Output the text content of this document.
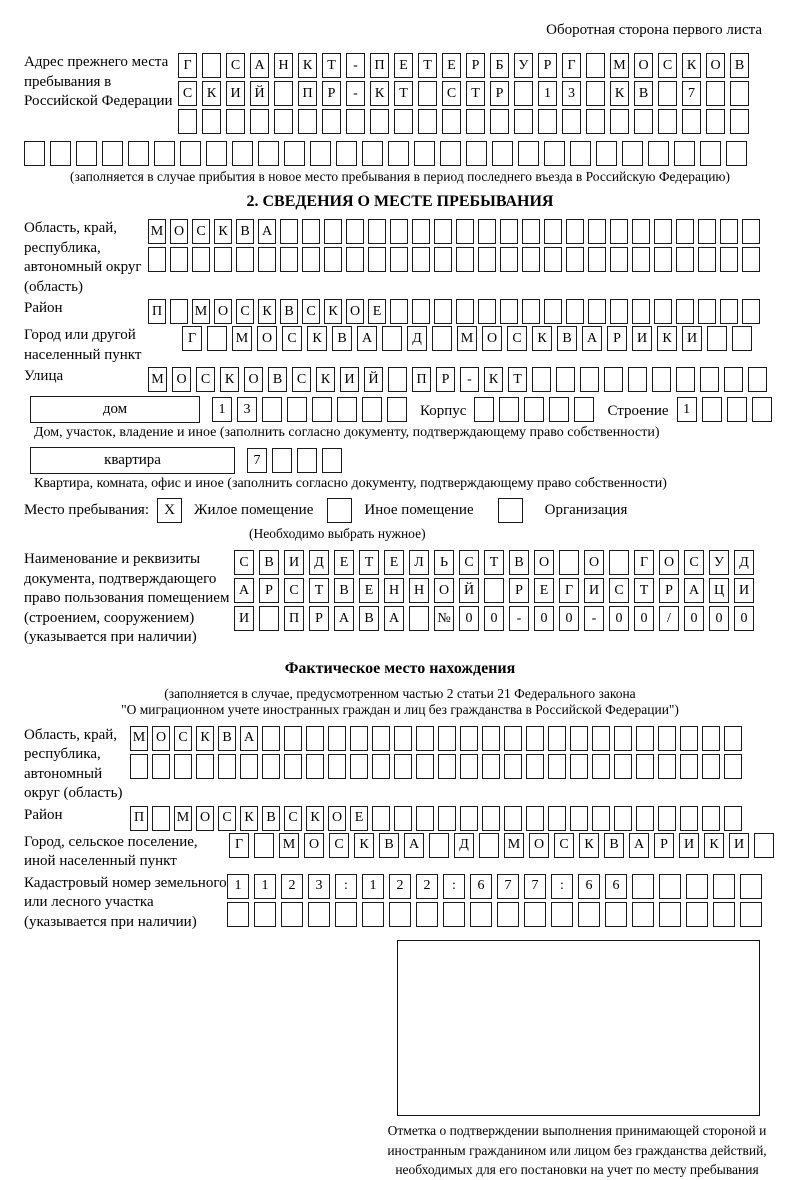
Оборотная сторона первого листа
Адрес прежнего места пребывания в Российской Федерации
Г	С	А Н	К	Т	-	П	Е	Т	Е	Р	Б	У	Р	Г	М О	С	К	О	В
С	К	И Й	П	Р	-	К	Т	С	Т	Р	1	3	К	В	7
(заполняется в случае прибытия в новое место пребывания в период последнего въезда в Российскую Федерацию)
2. СВЕДЕНИЯ О МЕСТЕ ПРЕБЫВАНИЯ
Область, край, республика, автономный округ (область)
М О С К В А
Район	П М О С К В С К О Е
Город или другой населенный пункт
Г	М О	С	К	В	А	Д	М О	С	К	В	А	Р	И	К	И
Улица	М О	С	К	О	В	С	К	И Й	П	Р	-	К	Т
дом	1	3	Корпус	Строение	1
Дом, участок, владение и иное (заполнить согласно документу, подтверждающему право собственности)
квартира	7
Квартира, комната, офис и иное (заполнить согласно документу, подтверждающему право собственности)
Место пребывания:	X	Жилое помещение	Иное помещение	Организация
(Необходимо выбрать нужное)
Наименование и реквизиты документа, подтверждающего право пользования помещением (строением, сооружением) (указывается при наличии)
С	В	И	Д	Е	Т	Е	Л	Ь	С	Т	В	О	О	Г	О	С	У	Д
А	Р	С	Т	В	Е	Н	Н	О	Й	Р	Е	Г	И	С	Т	Р	А	Ц	И
И	П	Р	А	В	А	№	0	0	-	0	0	-	0	0	/	0	0	0
Фактическое место нахождения
(заполняется в случае, предусмотренном частью 2 статьи 21 Федерального закона
"О миграционном учете иностранных граждан и лиц без гражданства в Российской Федерации")
Область, край, республика, автономный округ (область)
М О С К В А
Район	П М О С К В С К О Е
Город, сельское поселение, иной населенный пункт
Г	М О	С	К	В	А	Д	М О	С	К	В	А	Р	И	К	И
Кадастровый номер земельного или лесного участка (указывается при наличии)
1	1	2	3	:	1	2	2	:	6	7	7	:	6	6
Отметка о подтверждении выполнения принимающей стороной и иностранным гражданином или лицом без гражданства действий, необходимых для его постановки на учет по месту пребывания
